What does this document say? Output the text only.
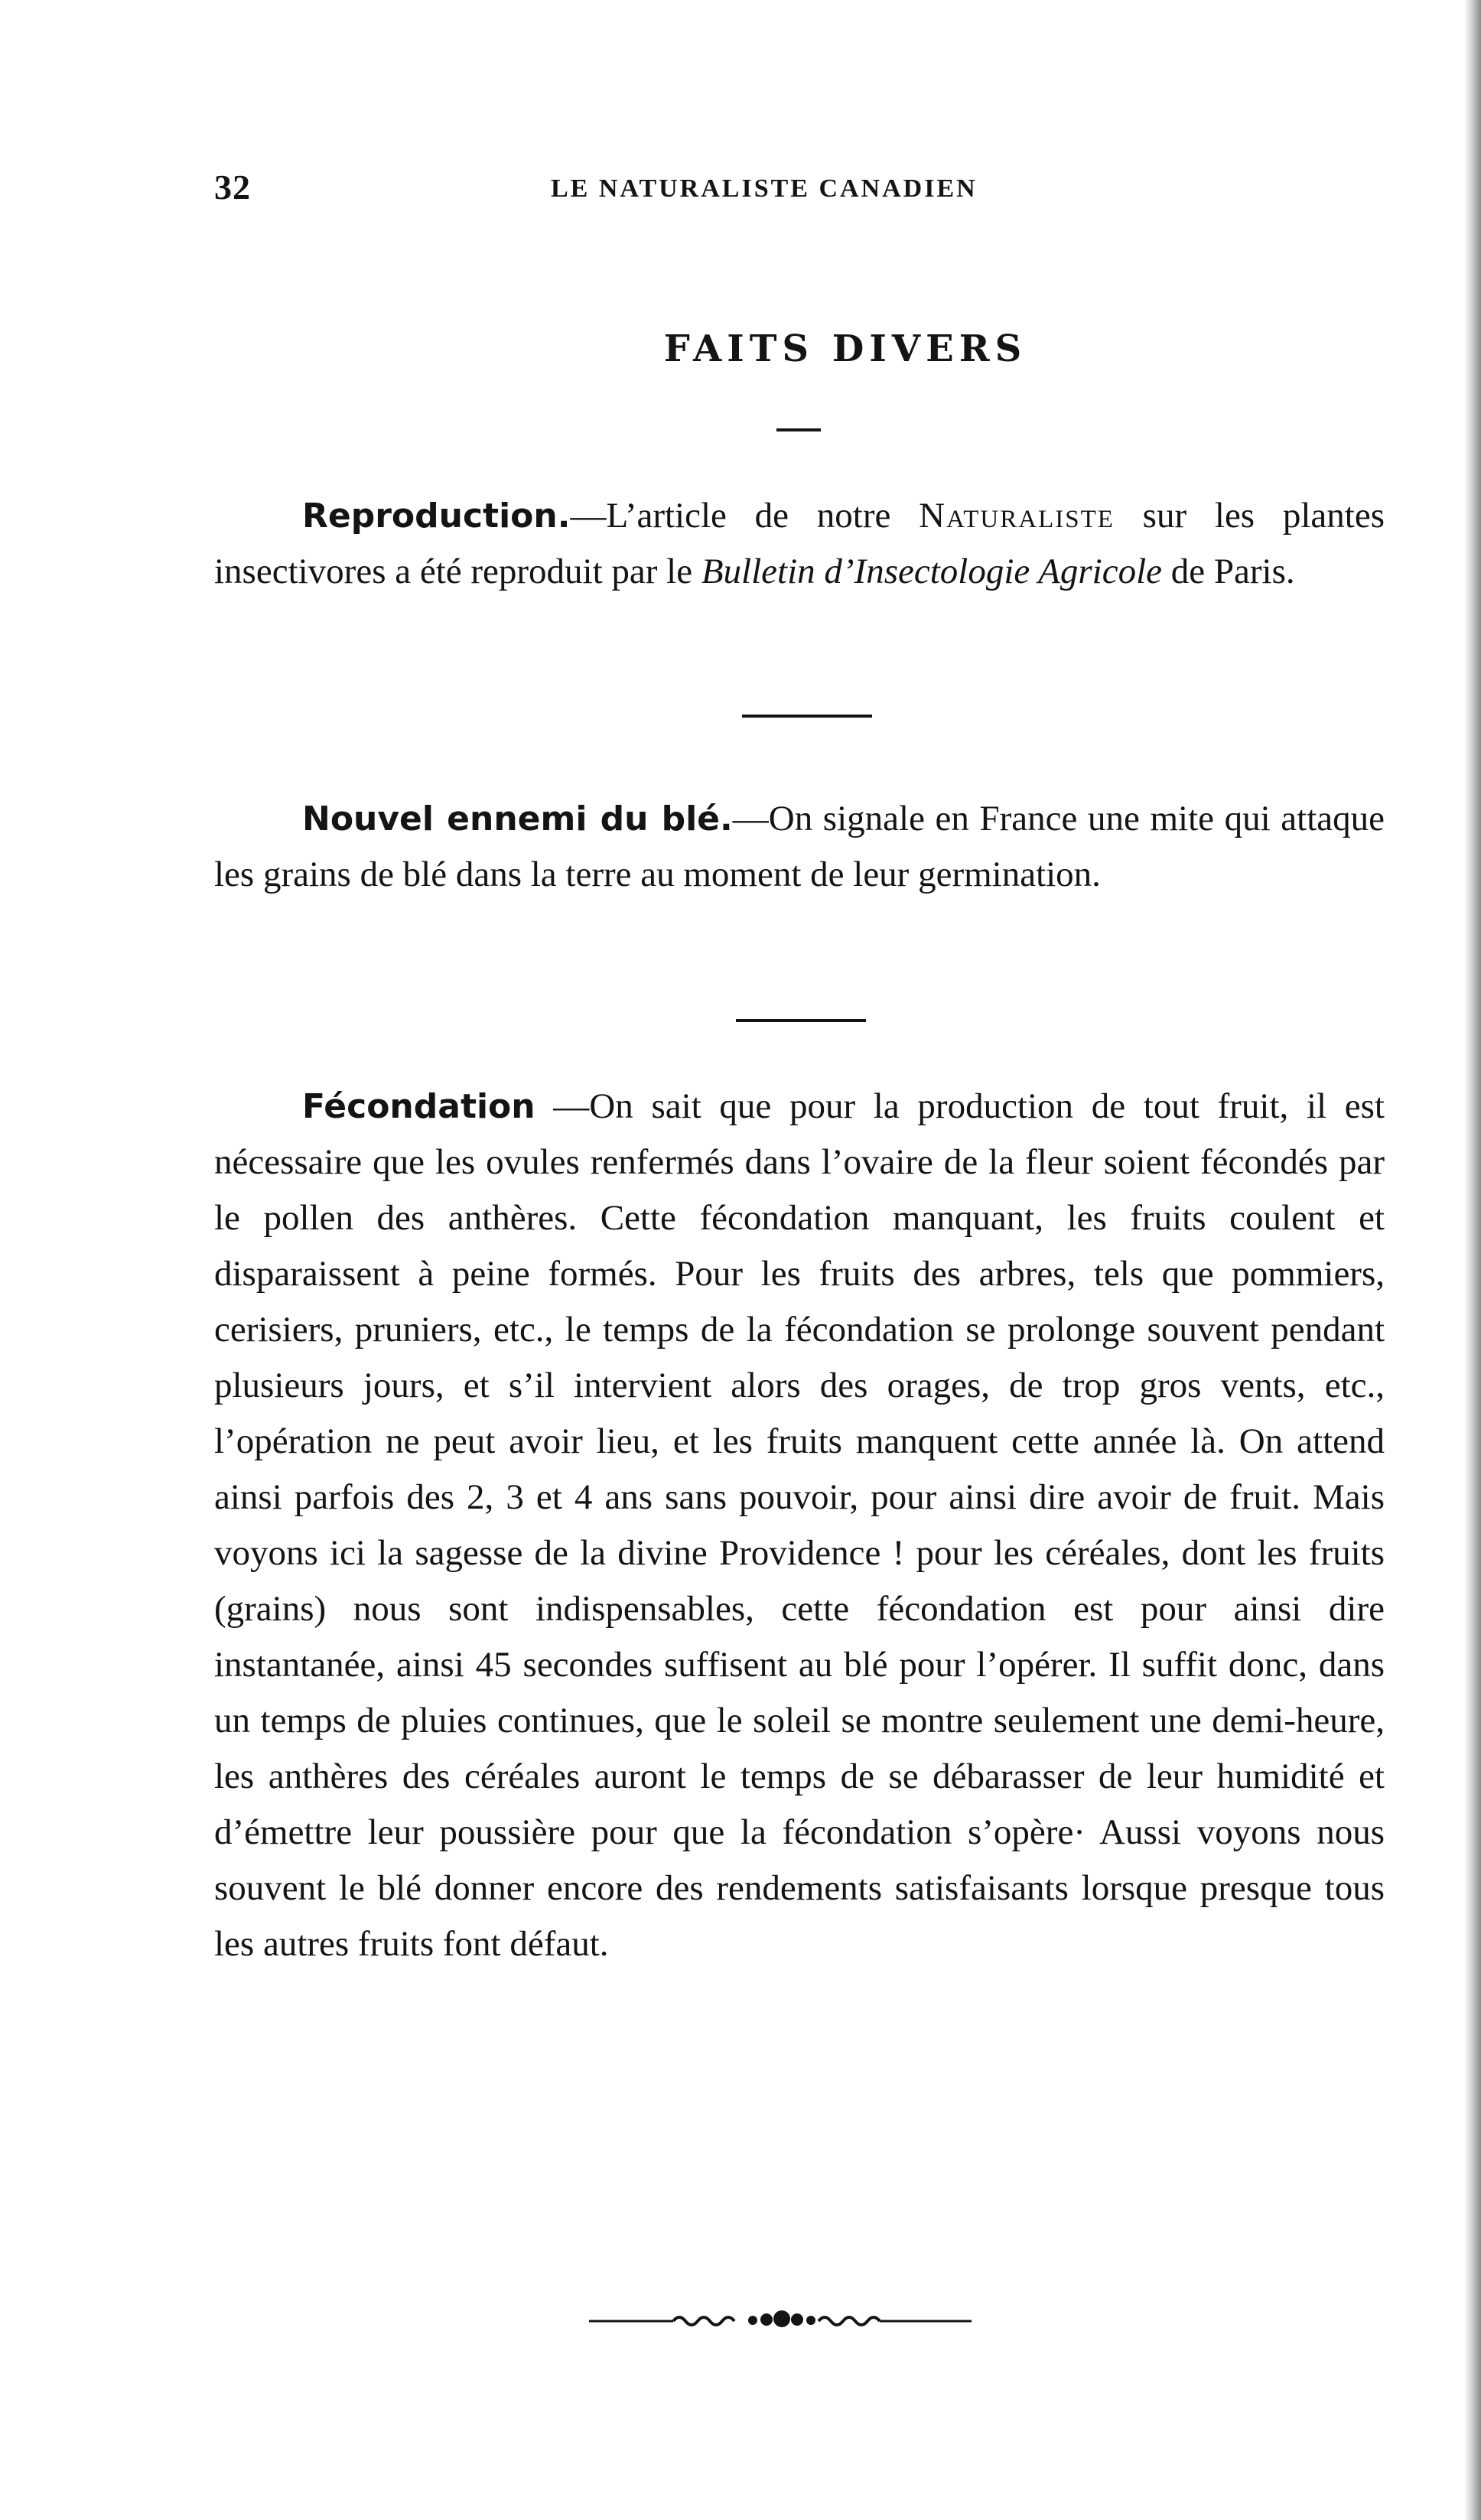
32	LE NATURALISTE CANADIEN
FAITS DIVERS

Reproduction.—L’article de notre Naturaliste sur les plantes insectivores a été reproduit par le Bulletin d’Insectologie Agricole de Paris.

Nouvel ennemi du blé.—On signale en France une mite qui attaque les grains de blé dans la terre au moment de leur germination.

Fécondation —On sait que pour la production de tout fruit, il est nécessaire que les ovules renfermés dans l’ovaire de la fleur soient fécondés par le pollen des anthères. Cette fécondation manquant, les fruits coulent et disparaissent à peine formés. Pour les fruits des arbres, tels que pommiers, cerisiers, pruniers, etc., le temps de la fécondation se prolonge souvent pendant plusieurs jours, et s’il intervient alors des orages, de trop gros vents, etc., l’opération ne peut avoir lieu, et les fruits manquent cette année là. On attend ainsi parfois des 2, 3 et 4 ans sans pouvoir, pour ainsi dire avoir de fruit. Mais voyons ici la sagesse de la divine Providence ! pour les céréales, dont les fruits (grains) nous sont indispensables, cette fécondation est pour ainsi dire instantanée, ainsi 45 secondes suffisent au blé pour l’opérer. Il suffit donc, dans un temps de pluies continues, que le soleil se montre seulement une demi-heure, les anthères des céréales auront le temps de se débarasser de leur humidité et d’émettre leur poussière pour que la fécondation s’opère· Aussi voyons nous souvent le blé donner encore des rendements satisfaisants lorsque presque tous les autres fruits font défaut.
